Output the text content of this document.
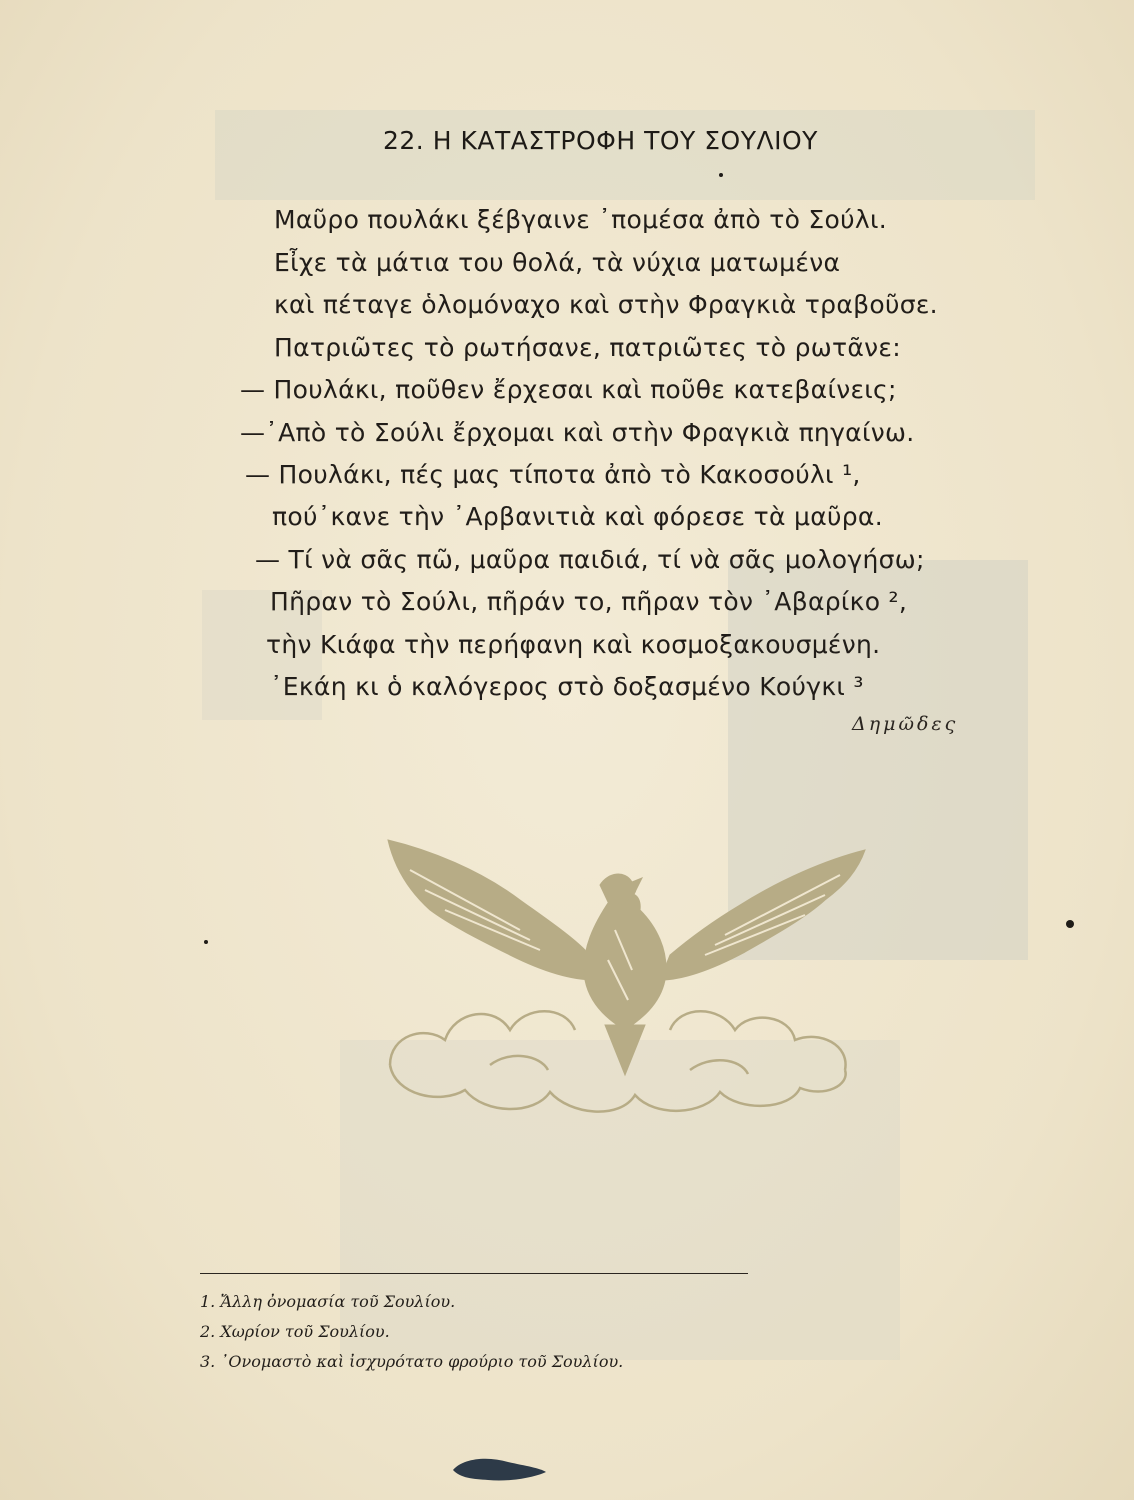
22. Η ΚΑΤΑΣΤΡΟΦΗ ΤΟΥ ΣΟΥΛΙΟΥ
Μαῦρο πουλάκι ξέβγαινε ᾿πομέσα ἀπὸ τὸ Σούλι.
Εἶχε τὰ μάτια του θολά, τὰ νύχια ματωμένα
καὶ πέταγε ὁλομόναχο καὶ στὴν Φραγκιὰ τραβοῦσε.
Πατριῶτες τὸ ρωτήσανε, πατριῶτες τὸ ρωτᾶνε:
— Πουλάκι, ποῦθεν ἔρχεσαι καὶ ποῦθε κατεβαίνεις;
—᾿Απὸ τὸ Σούλι ἔρχομαι καὶ στὴν Φραγκιὰ πηγαίνω.
— Πουλάκι, πές μας τίποτα ἀπὸ τὸ Κακοσούλι ¹,
πού᾿κανε τὴν ᾿Αρβανιτιὰ καὶ φόρεσε τὰ μαῦρα.
— Τί νὰ σᾶς πῶ, μαῦρα παιδιά, τί νὰ σᾶς μολογήσω;
Πῆραν τὸ Σούλι, πῆράν το, πῆραν τὸν ᾿Αβαρίκο ²,
τὴν Κιάφα τὴν περήφανη καὶ κοσμοξακουσμένη.
᾿Εκάη κι ὁ καλόγερος στὸ δοξασμένο Κούγκι ³
Δημῶδες
1. Ἄλλη ὀνομασία τοῦ Σουλίου.
2. Χωρίον τοῦ Σουλίου.
3. ᾿Ονομαστὸ καὶ ἰσχυρότατο φρούριο τοῦ Σουλίου.
